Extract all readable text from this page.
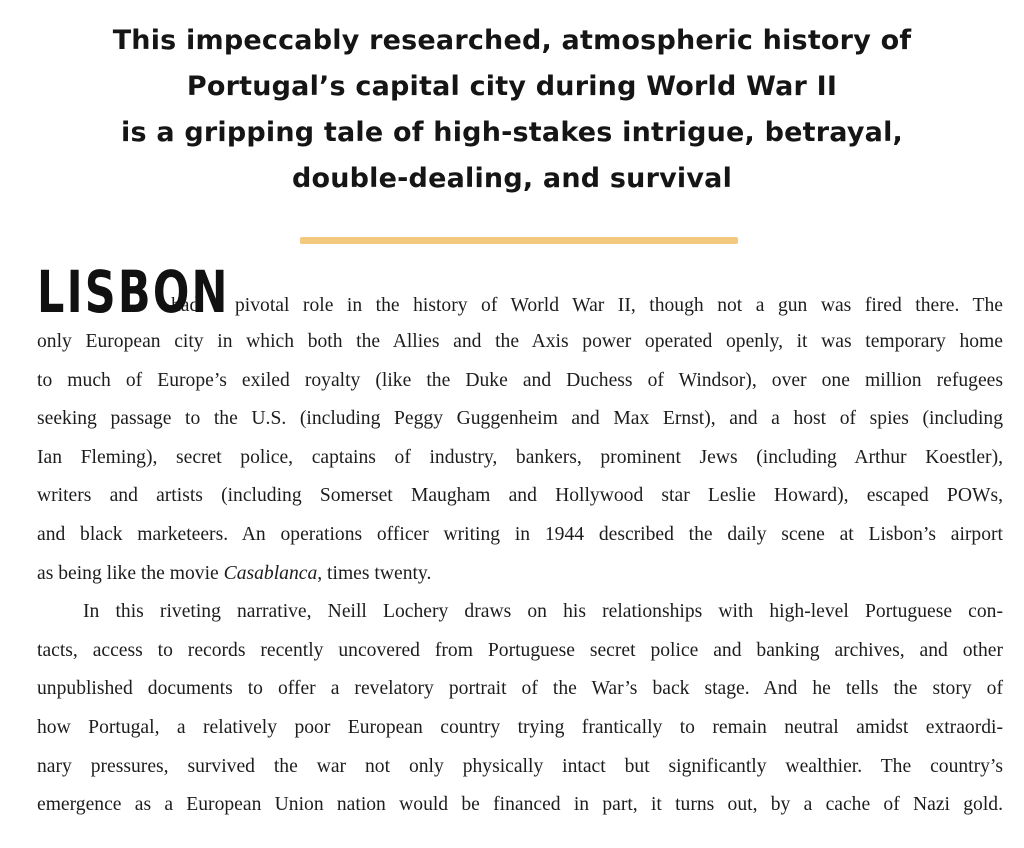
This impeccably researched, atmospheric history of
Portugal’s capital city during World War II
is a gripping tale of high-stakes intrigue, betrayal,
double-dealing, and survival
LISBON
had a pivotal role in the history of World War II, though not a gun was fired there. The
only European city in which both the Allies and the Axis power operated openly, it was temporary home
to much of Europe’s exiled royalty (like the Duke and Duchess of Windsor), over one million refugees
seeking passage to the U.S. (including Peggy Guggenheim and Max Ernst), and a host of spies (including
Ian Fleming), secret police, captains of industry, bankers, prominent Jews (including Arthur Koestler),
writers and artists (including Somerset Maugham and Hollywood star Leslie Howard), escaped POWs,
and black marketeers. An operations officer writing in 1944 described the daily scene at Lisbon’s airport
as being like the movie Casablanca, times twenty.
In this riveting narrative, Neill Lochery draws on his relationships with high-level Portuguese con-
tacts, access to records recently uncovered from Portuguese secret police and banking archives, and other
unpublished documents to offer a revelatory portrait of the War’s back stage. And he tells the story of
how Portugal, a relatively poor European country trying frantically to remain neutral amidst extraordi-
nary pressures, survived the war not only physically intact but significantly wealthier. The country’s
emergence as a European Union nation would be financed in part, it turns out, by a cache of Nazi gold.
